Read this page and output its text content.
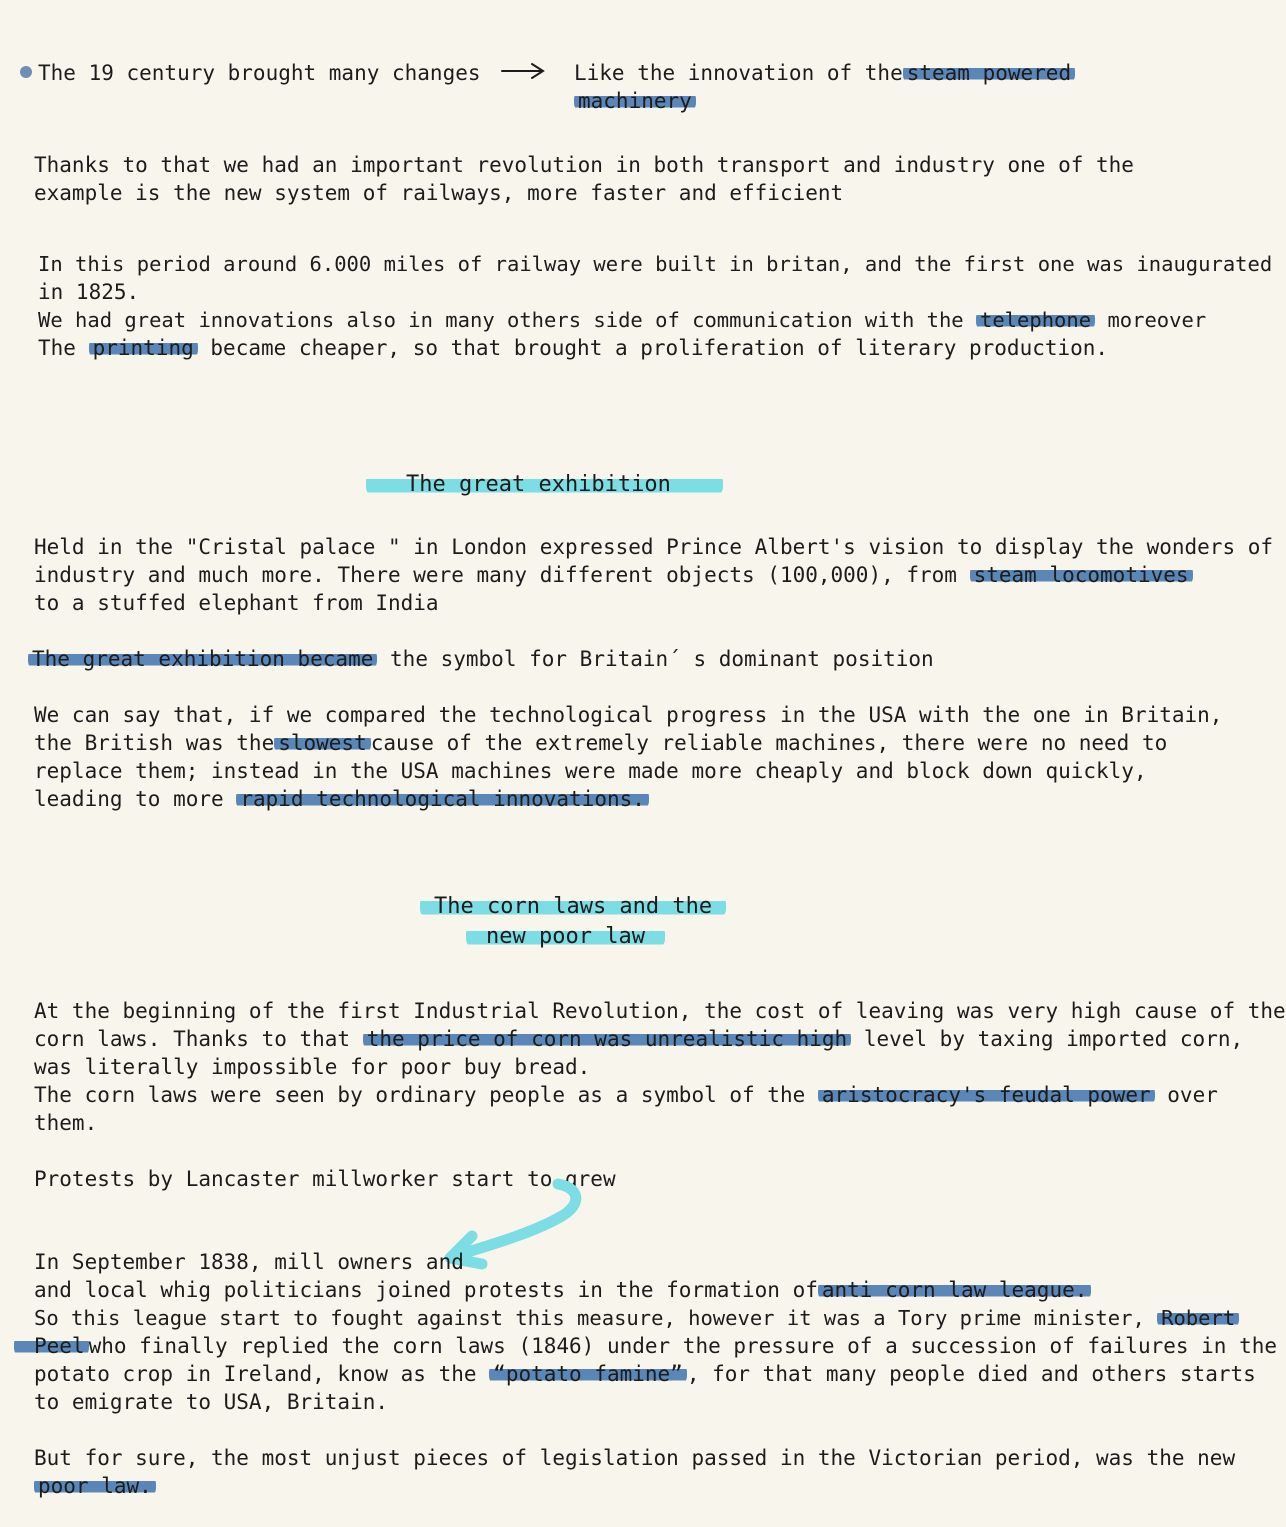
The 19 century brought many changes	Like the innovation of the steam powered
machinery
Thanks to that we had an important revolution in both transport and industry one of the
example is the new system of railways, more faster and efficient
In this period around 6.000 miles of railway were built in britan, and the first one was inaugurated
in 1825.
We had great innovations also in many others side of communication with the telephone moreover
The printing became cheaper, so that brought a proliferation of literary production.
The great exhibition
Held in the "Cristal palace " in London expressed Prince Albert's vision to display the wonders of
industry and much more. There were many different objects (100,000), from steam locomotives
to a stuffed elephant from India
The great exhibition became the symbol for Britain´ s dominant position
We can say that, if we compared the technological progress in the USA with the one in Britain,
the British was the slowest cause of the extremely reliable machines, there were no need to
replace them; instead in the USA machines were made more cheaply and block down quickly,
leading to more rapid technological innovations.
The corn laws and the
new poor law
At the beginning of the first Industrial Revolution, the cost of leaving was very high cause of the
corn laws. Thanks to that the price of corn was unrealistic high level by taxing imported corn,
was literally impossible for poor buy bread.
The corn laws were seen by ordinary people as a symbol of the aristocracy's feudal power over
them.
Protests by Lancaster millworker start to grew
In September 1838, mill owners and
and local whig politicians joined protests in the formation of anti corn law league.
So this league start to fought against this measure, however it was a Tory prime minister, Robert
Peel who finally replied the corn laws (1846) under the pressure of a succession of failures in the
potato crop in Ireland, know as the “potato famine” , for that many people died and others starts
to emigrate to USA, Britain.
But for sure, the most unjust pieces of legislation passed in the Victorian period, was the new
poor law.
